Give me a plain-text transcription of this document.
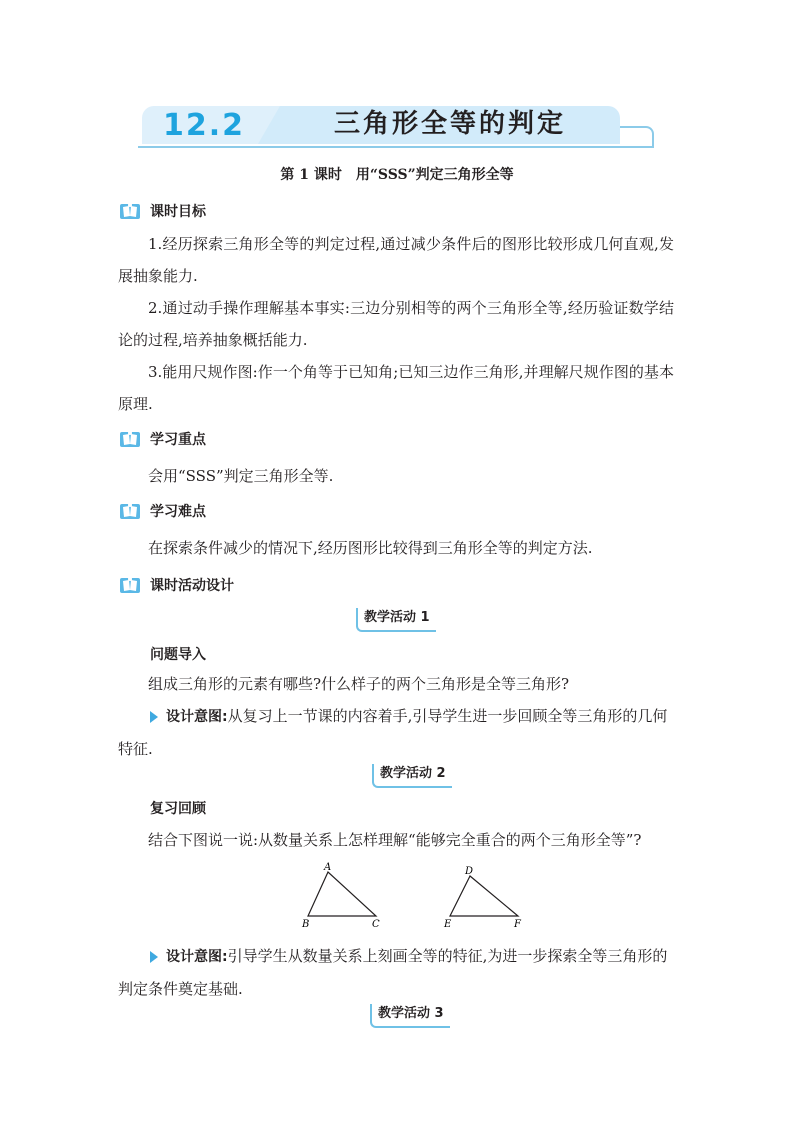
12.2	三角形全等的判定
第 1 课时　用“SSS”判定三角形全等
课时目标
1.经历探索三角形全等的判定过程,通过减少条件后的图形比较形成几何直观,发展抽象能力.
2.通过动手操作理解基本事实:三边分别相等的两个三角形全等,经历验证数学结论的过程,培养抽象概括能力.
3.能用尺规作图:作一个角等于已知角;已知三边作三角形,并理解尺规作图的基本原理.
学习重点
会用“SSS”判定三角形全等.
学习难点
在探索条件减少的情况下,经历图形比较得到三角形全等的判定方法.
课时活动设计
教学活动 1
问题导入
组成三角形的元素有哪些?什么样子的两个三角形是全等三角形?
设计意图:从复习上一节课的内容着手,引导学生进一步回顾全等三角形的几何特征.
教学活动 2
复习回顾
结合下图说一说:从数量关系上怎样理解“能够完全重合的两个三角形全等”?
A
B	C
D
E	F
设计意图:引导学生从数量关系上刻画全等的特征,为进一步探索全等三角形的判定条件奠定基础.
教学活动 3
